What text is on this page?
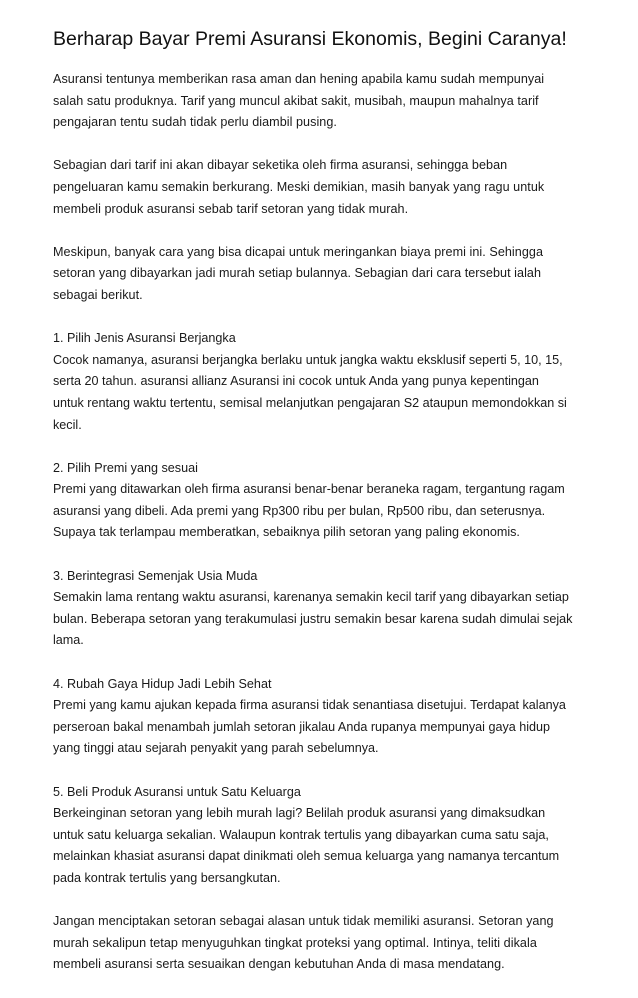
Berharap Bayar Premi Asuransi Ekonomis, Begini Caranya!
Asuransi tentunya memberikan rasa aman dan hening apabila kamu sudah mempunyai
salah satu produknya. Tarif yang muncul akibat sakit, musibah, maupun mahalnya tarif
pengajaran tentu sudah tidak perlu diambil pusing.
Sebagian dari tarif ini akan dibayar seketika oleh firma asuransi, sehingga beban
pengeluaran kamu semakin berkurang. Meski demikian, masih banyak yang ragu untuk
membeli produk asuransi sebab tarif setoran yang tidak murah.
Meskipun, banyak cara yang bisa dicapai untuk meringankan biaya premi ini. Sehingga
setoran yang dibayarkan jadi murah setiap bulannya. Sebagian dari cara tersebut ialah
sebagai berikut.
1. Pilih Jenis Asuransi Berjangka
Cocok namanya, asuransi berjangka berlaku untuk jangka waktu eksklusif seperti 5, 10, 15,
serta 20 tahun. asuransi allianz Asuransi ini cocok untuk Anda yang punya kepentingan
untuk rentang waktu tertentu, semisal melanjutkan pengajaran S2 ataupun memondokkan si
kecil.
2. Pilih Premi yang sesuai
Premi yang ditawarkan oleh firma asuransi benar-benar beraneka ragam, tergantung ragam
asuransi yang dibeli. Ada premi yang Rp300 ribu per bulan, Rp500 ribu, dan seterusnya.
Supaya tak terlampau memberatkan, sebaiknya pilih setoran yang paling ekonomis.
3. Berintegrasi Semenjak Usia Muda
Semakin lama rentang waktu asuransi, karenanya semakin kecil tarif yang dibayarkan setiap
bulan. Beberapa setoran yang terakumulasi justru semakin besar karena sudah dimulai sejak
lama.
4. Rubah Gaya Hidup Jadi Lebih Sehat
Premi yang kamu ajukan kepada firma asuransi tidak senantiasa disetujui. Terdapat kalanya
perseroan bakal menambah jumlah setoran jikalau Anda rupanya mempunyai gaya hidup
yang tinggi atau sejarah penyakit yang parah sebelumnya.
5. Beli Produk Asuransi untuk Satu Keluarga
Berkeinginan setoran yang lebih murah lagi? Belilah produk asuransi yang dimaksudkan
untuk satu keluarga sekalian. Walaupun kontrak tertulis yang dibayarkan cuma satu saja,
melainkan khasiat asuransi dapat dinikmati oleh semua keluarga yang namanya tercantum
pada kontrak tertulis yang bersangkutan.
Jangan menciptakan setoran sebagai alasan untuk tidak memiliki asuransi. Setoran yang
murah sekalipun tetap menyuguhkan tingkat proteksi yang optimal. Intinya, teliti dikala
membeli asuransi serta sesuaikan dengan kebutuhan Anda di masa mendatang.
